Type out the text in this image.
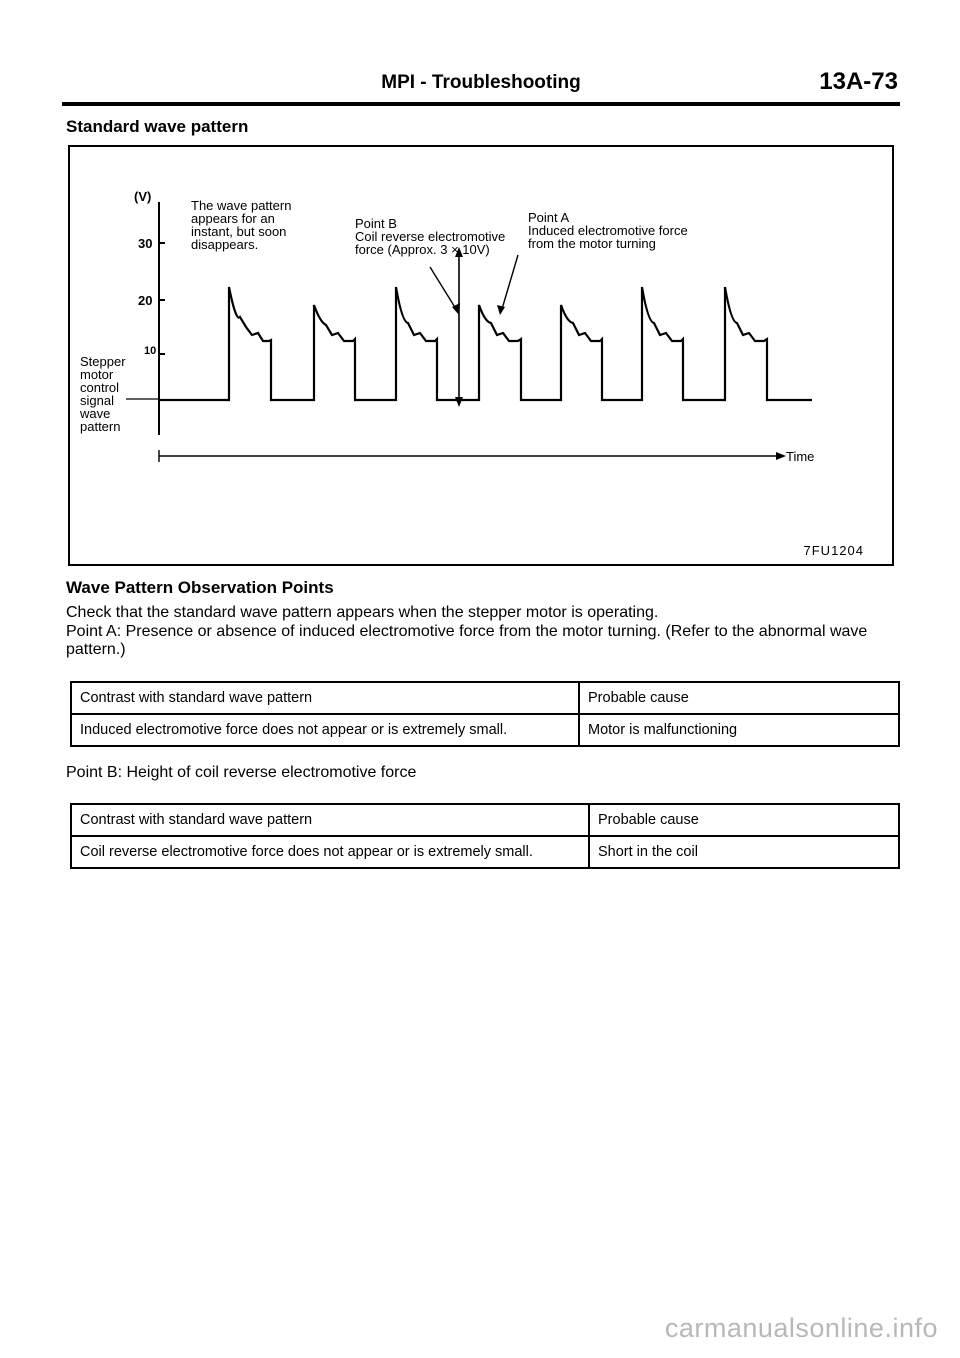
MPI - Troubleshooting	13A-73
Standard wave pattern
(V)
30
20
10
Stepper
motor
control
signal
wave
pattern
Time
The wave pattern
appears for an
instant, but soon
disappears.
Point B
Coil reverse electromotive
force (Approx. 3 × 10V)
Point A
Induced electromotive force
from the motor turning
7FU1204
Wave Pattern Observation Points
Check that the standard wave pattern appears when the stepper motor is operating.
Point A: Presence or absence of induced electromotive force from the motor turning. (Refer to the abnormal wave pattern.)
Contrast with standard wave pattern	Probable cause
Induced electromotive force does not appear or is extremely small.	Motor is malfunctioning
Point B: Height of coil reverse electromotive force
Contrast with standard wave pattern	Probable cause
Coil reverse electromotive force does not appear or is extremely small.	Short in the coil
carmanualsonline.info
